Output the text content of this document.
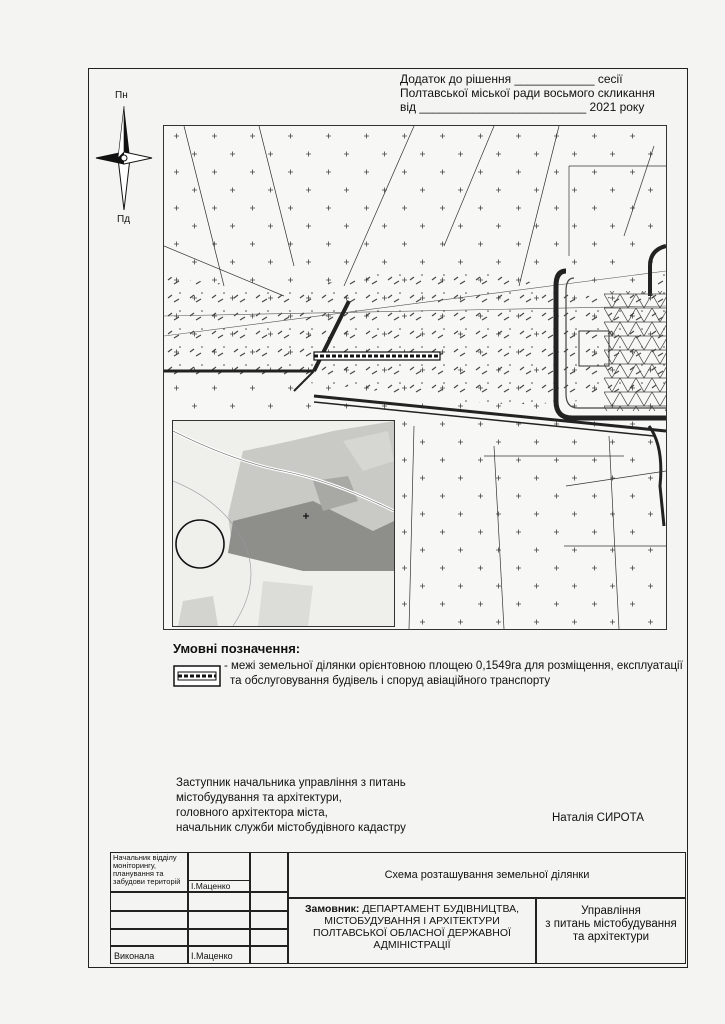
Додаток до рішення ____________ сесії
Полтавської міської ради восьмого скликання
від _________________________ 2021 року
Пн
Пд
Умовні позначення:
- межі земельної ділянки орієнтовною площею 0,1549га для розміщення, експлуатації
та обслуговування будівель і споруд авіаційного транспорту
Заступник начальника управління з питань
містобудування та архітектури,
головного архітектора міста,
начальник служби містобудівного кадастру
Наталія СИРОТА
Начальник відділу
моніторингу,
планування та
забудови територій	І.Маценко
Виконала	І.Маценко
Схема розташування земельної ділянки
Замовник: ДЕПАРТАМЕНТ БУДІВНИЦТВА,
МІСТОБУДУВАННЯ І АРХІТЕКТУРИ
ПОЛТАВСЬКОЇ ОБЛАСНОЇ ДЕРЖАВНОЇ
АДМІНІСТРАЦІЇ
Управління
з питань містобудування
та архітектури
